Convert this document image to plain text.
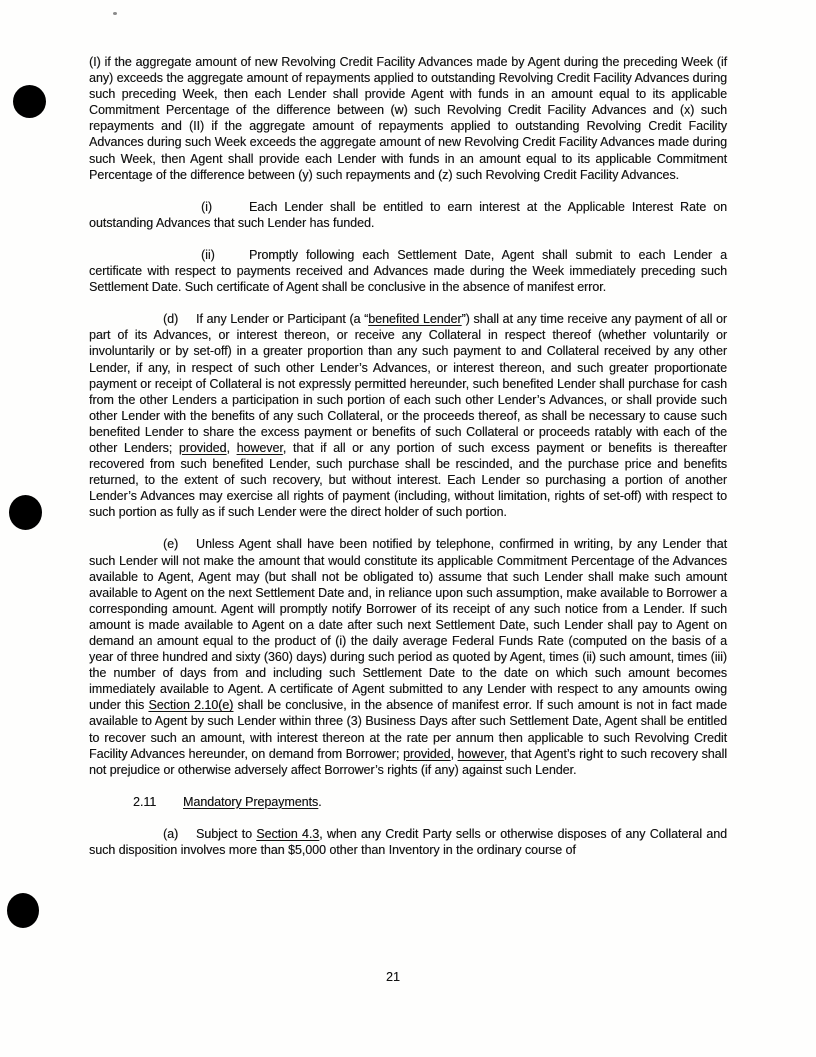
(I) if the aggregate amount of new Revolving Credit Facility Advances made by Agent during the preceding Week (if any) exceeds the aggregate amount of repayments applied to outstanding Revolving Credit Facility Advances during such preceding Week, then each Lender shall provide Agent with funds in an amount equal to its applicable Commitment Percentage of the difference between (w) such Revolving Credit Facility Advances and (x) such repayments and (II) if the aggregate amount of repayments applied to outstanding Revolving Credit Facility Advances during such Week exceeds the aggregate amount of new Revolving Credit Facility Advances made during such Week, then Agent shall provide each Lender with funds in an amount equal to its applicable Commitment Percentage of the difference between (y) such repayments and (z) such Revolving Credit Facility Advances.

(i)	Each Lender shall be entitled to earn interest at the Applicable Interest Rate on outstanding Advances that such Lender has funded.

(ii)	Promptly following each Settlement Date, Agent shall submit to each Lender a certificate with respect to payments received and Advances made during the Week immediately preceding such Settlement Date. Such certificate of Agent shall be conclusive in the absence of manifest error.

(d) If any Lender or Participant (a “benefited Lender”) shall at any time receive any payment of all or part of its Advances, or interest thereon, or receive any Collateral in respect thereof (whether voluntarily or involuntarily or by set-off) in a greater proportion than any such payment to and Collateral received by any other Lender, if any, in respect of such other Lender’s Advances, or interest thereon, and such greater proportionate payment or receipt of Collateral is not expressly permitted hereunder, such benefited Lender shall purchase for cash from the other Lenders a participation in such portion of each such other Lender’s Advances, or shall provide such other Lender with the benefits of any such Collateral, or the proceeds thereof, as shall be necessary to cause such benefited Lender to share the excess payment or benefits of such Collateral or proceeds ratably with each of the other Lenders; provided, however, that if all or any portion of such excess payment or benefits is thereafter recovered from such benefited Lender, such purchase shall be rescinded, and the purchase price and benefits returned, to the extent of such recovery, but without interest. Each Lender so purchasing a portion of another Lender’s Advances may exercise all rights of payment (including, without limitation, rights of set-off) with respect to such portion as fully as if such Lender were the direct holder of such portion.

(e) Unless Agent shall have been notified by telephone, confirmed in writing, by any Lender that such Lender will not make the amount that would constitute its applicable Commitment Percentage of the Advances available to Agent, Agent may (but shall not be obligated to) assume that such Lender shall make such amount available to Agent on the next Settlement Date and, in reliance upon such assumption, make available to Borrower a corresponding amount. Agent will promptly notify Borrower of its receipt of any such notice from a Lender. If such amount is made available to Agent on a date after such next Settlement Date, such Lender shall pay to Agent on demand an amount equal to the product of (i) the daily average Federal Funds Rate (computed on the basis of a year of three hundred and sixty (360) days) during such period as quoted by Agent, times (ii) such amount, times (iii) the number of days from and including such Settlement Date to the date on which such amount becomes immediately available to Agent. A certificate of Agent submitted to any Lender with respect to any amounts owing under this Section 2.10(e) shall be conclusive, in the absence of manifest error. If such amount is not in fact made available to Agent by such Lender within three (3) Business Days after such Settlement Date, Agent shall be entitled to recover such an amount, with interest thereon at the rate per annum then applicable to such Revolving Credit Facility Advances hereunder, on demand from Borrower; provided, however, that Agent’s right to such recovery shall not prejudice or otherwise adversely affect Borrower’s rights (if any) against such Lender.

2.11 Mandatory Prepayments.

(a) Subject to Section 4.3, when any Credit Party sells or otherwise disposes of any Collateral and such disposition involves more than $5,000 other than Inventory in the ordinary course of

21
